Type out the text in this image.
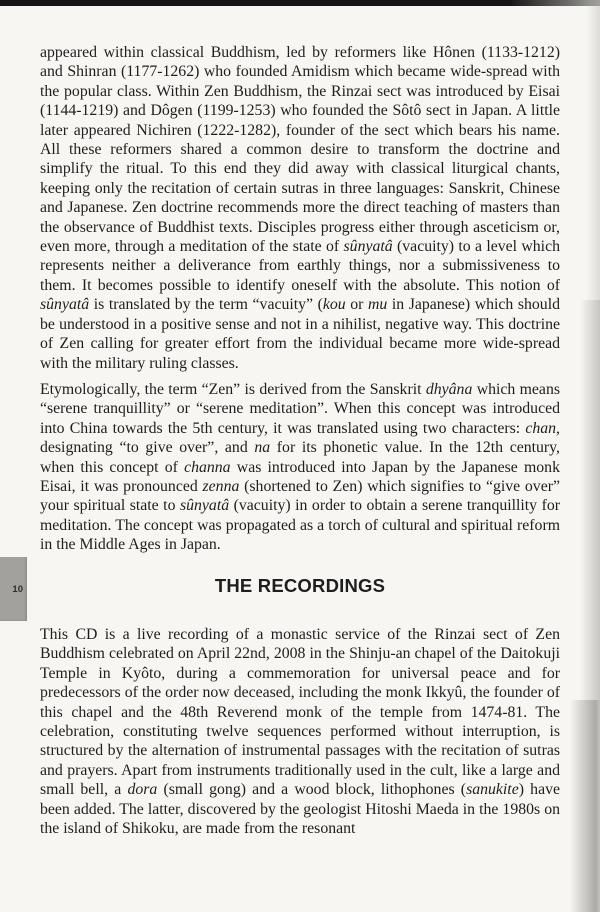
10

appeared within classical Buddhism, led by reformers like Hônen (1133-1212) and Shinran (1177-1262) who founded Amidism which became wide-spread with the popular class. Within Zen Buddhism, the Rinzai sect was introduced by Eisai (1144-1219) and Dôgen (1199-1253) who founded the Sôtô sect in Japan. A little later appeared Nichiren (1222-1282), founder of the sect which bears his name. All these reformers shared a common desire to transform the doctrine and simplify the ritual. To this end they did away with classical liturgical chants, keeping only the recitation of certain sutras in three languages: Sanskrit, Chinese and Japanese. Zen doctrine recommends more the direct teaching of masters than the observance of Buddhist texts. Disciples progress either through asceticism or, even more, through a meditation of the state of sûnyatâ (vacuity) to a level which represents neither a deliverance from earthly things, nor a submissiveness to them. It becomes possible to identify oneself with the absolute. This notion of sûnyatâ is translated by the term “vacuity” (kou or mu in Japanese) which should be understood in a positive sense and not in a nihilist, negative way. This doctrine of Zen calling for greater effort from the individual became more wide-spread with the military ruling classes.

Etymologically, the term “Zen” is derived from the Sanskrit dhyâna which means “serene tranquillity” or “serene meditation”. When this concept was introduced into China towards the 5th century, it was translated using two characters: chan, designating “to give over”, and na for its phonetic value. In the 12th century, when this concept of channa was introduced into Japan by the Japanese monk Eisai, it was pronounced zenna (shortened to Zen) which signifies to “give over” your spiritual state to sûnyatâ (vacuity) in order to obtain a serene tranquillity for meditation. The concept was propagated as a torch of cultural and spiritual reform in the Middle Ages in Japan.

THE RECORDINGS

This CD is a live recording of a monastic service of the Rinzai sect of Zen Buddhism celebrated on April 22nd, 2008 in the Shinju-an chapel of the Daitokuji Temple in Kyôto, during a commemoration for universal peace and for predecessors of the order now deceased, including the monk Ikkyû, the founder of this chapel and the 48th Reverend monk of the temple from 1474-81. The celebration, constituting twelve sequences performed without interruption, is structured by the alternation of instrumental passages with the recitation of sutras and prayers. Apart from instruments traditionally used in the cult, like a large and small bell, a dora (small gong) and a wood block, lithophones (sanukite) have been added. The latter, discovered by the geologist Hitoshi Maeda in the 1980s on the island of Shikoku, are made from the resonant
